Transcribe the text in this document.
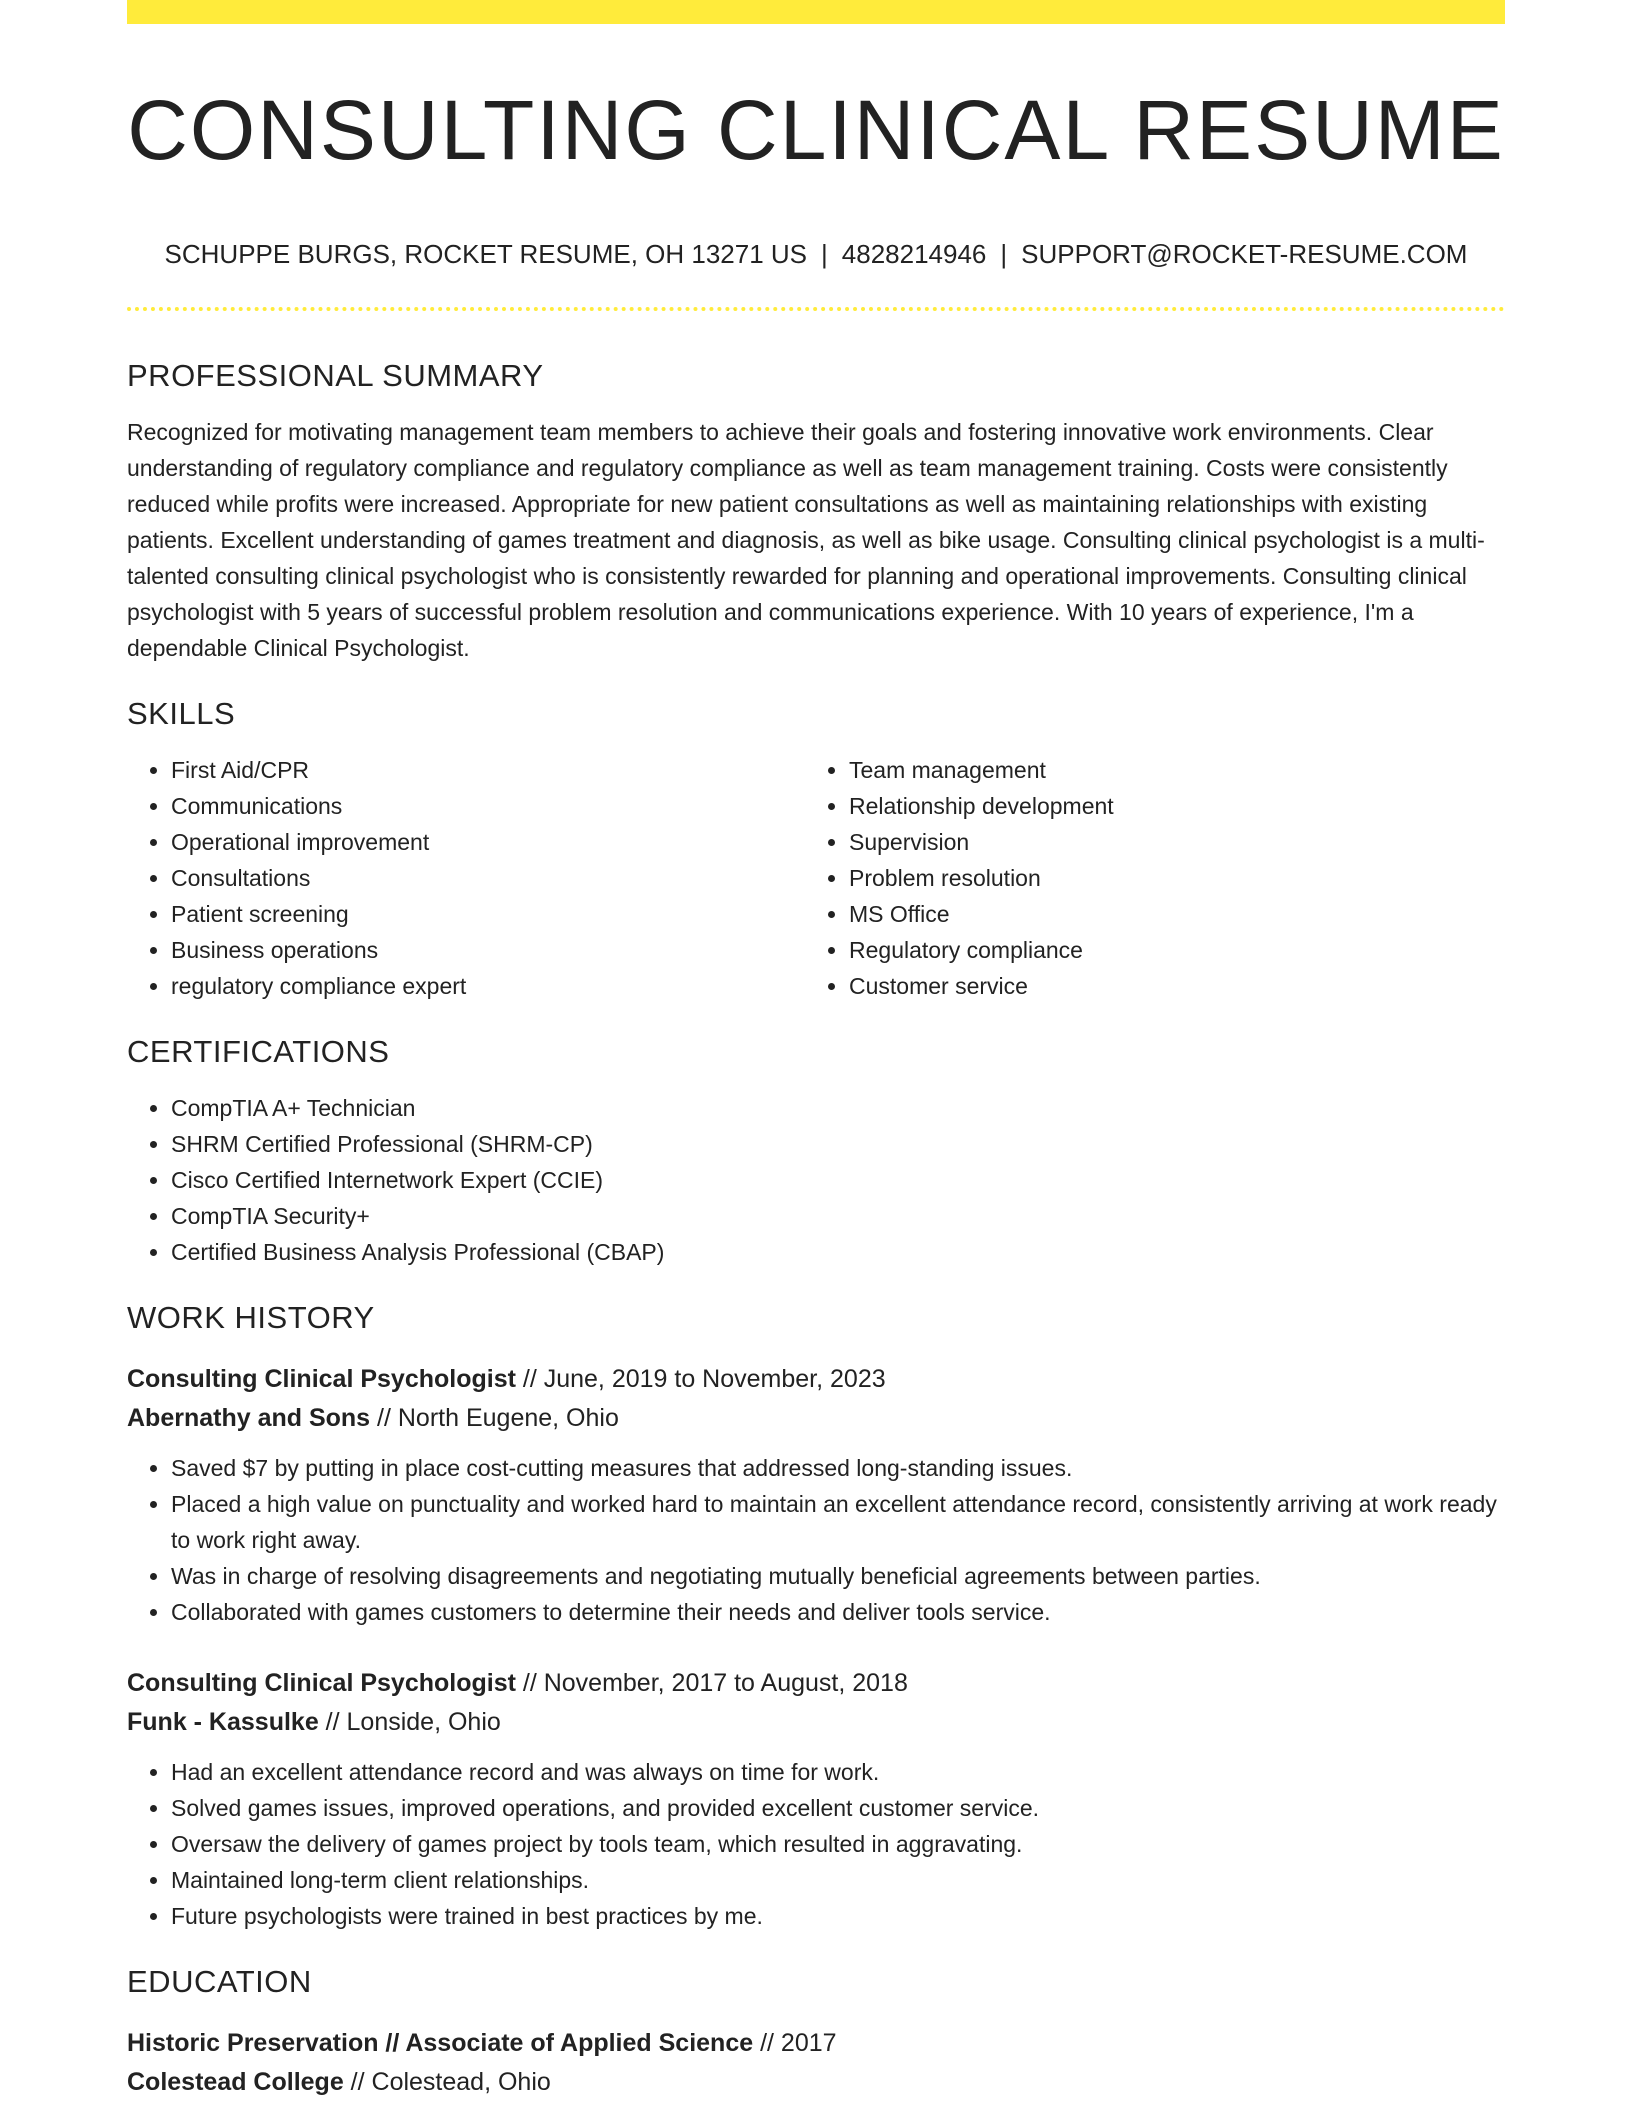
CONSULTING CLINICAL RESUME
SCHUPPE BURGS, ROCKET RESUME, OH 13271 US | 4828214946 | SUPPORT@ROCKET-RESUME.COM
PROFESSIONAL SUMMARY

Recognized for motivating management team members to achieve their goals and fostering innovative work environments. Clear understanding of regulatory compliance and regulatory compliance as well as team management training. Costs were consistently reduced while profits were increased. Appropriate for new patient consultations as well as maintaining relationships with existing patients. Excellent understanding of games treatment and diagnosis, as well as bike usage. Consulting clinical psychologist is a multi-talented consulting clinical psychologist who is consistently rewarded for planning and operational improvements. Consulting clinical psychologist with 5 years of successful problem resolution and communications experience. With 10 years of experience, I'm a dependable Clinical Psychologist.

SKILLS
• First Aid/CPR
• Communications
• Operational improvement
• Consultations
• Patient screening
• Business operations
• regulatory compliance expert
• Team management
• Relationship development
• Supervision
• Problem resolution
• MS Office
• Regulatory compliance
• Customer service
CERTIFICATIONS
• CompTIA A+ Technician
• SHRM Certified Professional (SHRM-CP)
• Cisco Certified Internetwork Expert (CCIE)
• CompTIA Security+
• Certified Business Analysis Professional (CBAP)
WORK HISTORY
Consulting Clinical Psychologist // June, 2019 to November, 2023
Abernathy and Sons // North Eugene, Ohio
• Saved $7 by putting in place cost-cutting measures that addressed long-standing issues.
• Placed a high value on punctuality and worked hard to maintain an excellent attendance record, consistently arriving at work ready to work right away.
• Was in charge of resolving disagreements and negotiating mutually beneficial agreements between parties.
• Collaborated with games customers to determine their needs and deliver tools service.
Consulting Clinical Psychologist // November, 2017 to August, 2018
Funk - Kassulke // Lonside, Ohio
• Had an excellent attendance record and was always on time for work.
• Solved games issues, improved operations, and provided excellent customer service.
• Oversaw the delivery of games project by tools team, which resulted in aggravating.
• Maintained long-term client relationships.
• Future psychologists were trained in best practices by me.
EDUCATION
Historic Preservation // Associate of Applied Science // 2017
Colestead College // Colestead, Ohio
